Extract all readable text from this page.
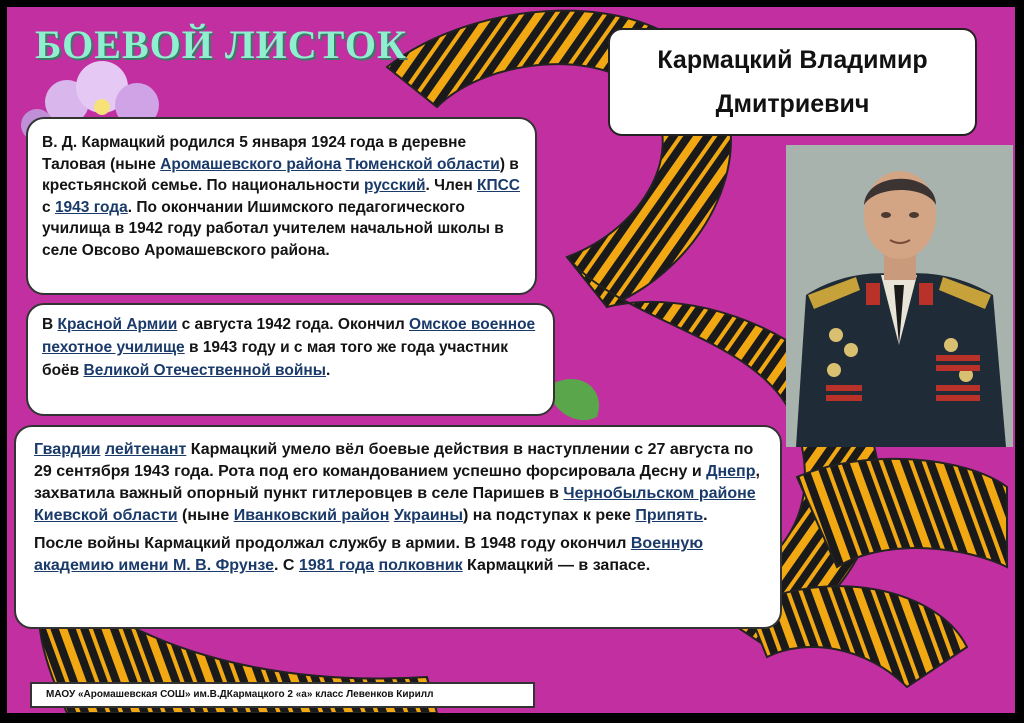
БОЕВОЙ ЛИСТОК	Кармацкий Владимир
Дмитриевич

В. Д. Кармацкий родился 5 января 1924 года в деревне Таловая (ныне Аромашевского района Тюменской области) в крестьянской семье. По национальности русский. Член КПСС с 1943 года. По окончании Ишимского педагогического училища в 1942 году работал учителем начальной школы в селе Овсово Аромашевского района.

В Красной Армии с августа 1942 года. Окончил Омское военное пехотное училище в 1943 году и с мая того же года участник боёв Великой Отечественной войны.

Гвардии лейтенант Кармацкий умело вёл боевые действия в наступлении с 27 августа по 29 сентября 1943 года. Рота под его командованием успешно форсировала Десну и Днепр, захватила важный опорный пункт гитлеровцев в селе Паришев в Чернобыльском районе Киевской области (ныне Иванковский район Украины) на подступах к реке Припять.

После войны Кармацкий продолжал службу в армии. В 1948 году окончил Военную академию имени М. В. Фрунзе. С 1981 года полковник Кармацкий — в запасе.

МАОУ «Аромашевская СОШ» им.В.ДКармацкого 2 «а» класс Левенков Кирилл
